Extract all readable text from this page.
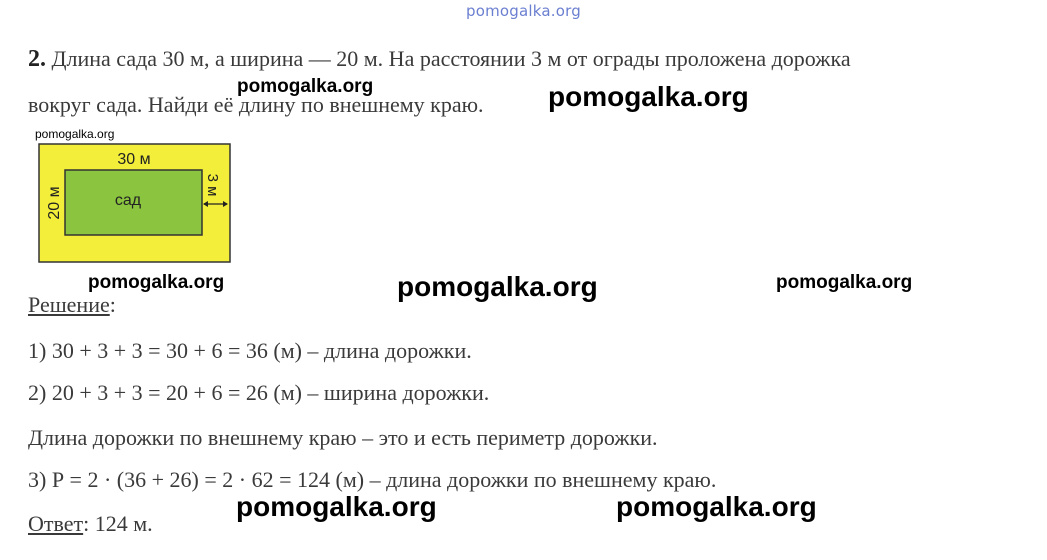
pomogalka.org
2. Длина сада 30 м, а ширина — 20 м. На расстоянии 3 м от ограды проложена дорожка
вокруг сада. Найди её длину по внешнему краю.
30 м
20 м	сад
3 м
Решение:
1) 30 + 3 + 3 = 30 + 6 = 36 (м) – длина дорожки.
2) 20 + 3 + 3 = 20 + 6 = 26 (м) – ширина дорожки.
Длина дорожки по внешнему краю – это и есть периметр дорожки.
3) Р = 2 · (36 + 26) = 2 · 62 = 124 (м) – длина дорожки по внешнему краю.
Ответ: 124 м.
pomogalka.org	pomogalka.org
pomogalka.org
pomogalka.org	pomogalka.org	pomogalka.org
pomogalka.org	pomogalka.org
